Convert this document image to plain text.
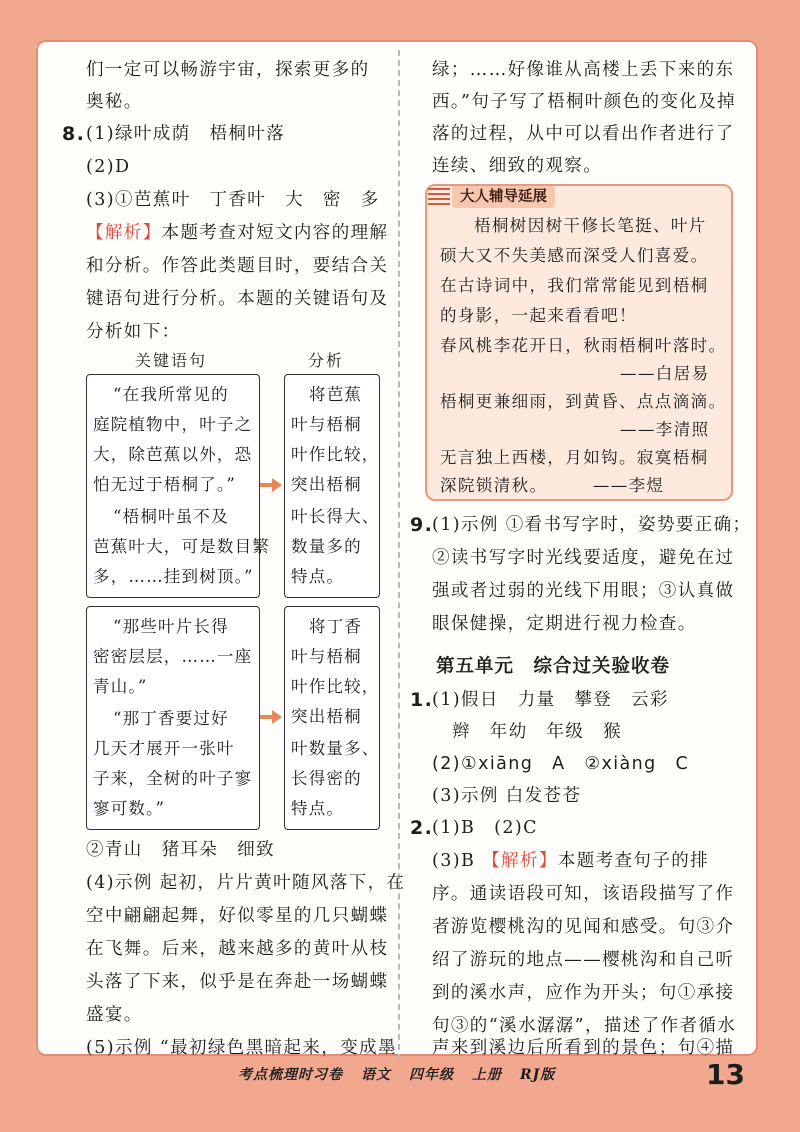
们一定可以畅游宇宙，探索更多的
奥秘。
8. (1)绿叶成荫　梧桐叶落
(2)D
(3)①芭蕉叶　丁香叶　大　密　多
【解析】本题考查对短文内容的理解
和分析。作答此类题目时，要结合关
键语句进行分析。本题的关键语句及
分析如下：
关键语句	分析
“在我所常见的
庭院植物中，叶子之
大，除芭蕉以外，恐
怕无过于梧桐了。”
“梧桐叶虽不及
芭蕉叶大，可是数目繁
多，……挂到树顶。”
将芭蕉
叶与梧桐
叶作比较，
突出梧桐
叶长得大、
数量多的
特点。
“那些叶片长得
密密层层，……一座
青山。”
“那丁香要过好
几天才展开一张叶
子来，全树的叶子寥
寥可数。”
将丁香
叶与梧桐
叶作比较，
突出梧桐
叶数量多、
长得密的
特点。
②青山　猪耳朵　细致
(4)示例 起初，片片黄叶随风落下，在
空中翩翩起舞，好似零星的几只蝴蝶
在飞舞。后来，越来越多的黄叶从枝
头落了下来，似乎是在奔赴一场蝴蝶
盛宴。
(5)示例 “最初绿色黑暗起来，变成墨
绿；……好像谁从高楼上丢下来的东
西。”句子写了梧桐叶颜色的变化及掉
落的过程，从中可以看出作者进行了
连续、细致的观察。
大人辅导延展
梧桐树因树干修长笔挺、叶片
硕大又不失美感而深受人们喜爱。
在古诗词中，我们常常能见到梧桐
的身影，一起来看看吧！
春风桃李花开日，秋雨梧桐叶落时。
——白居易
梧桐更兼细雨，到黄昏、点点滴滴。
——李清照
无言独上西楼，月如钩。寂寞梧桐
深院锁清秋。　　　——李煜
9.
(1)示例 ①看书写字时，姿势要正确；
②读书写字时光线要适度，避免在过
强或者过弱的光线下用眼；③认真做
眼保健操，定期进行视力检查。
第五单元　综合过关验收卷
1.
(1)假日　力量　攀登　云彩
辫　年幼　年级　猴
(2)①xiāng　A　②xiàng　C
(3)示例 白发苍苍
2.
(1)B　(2)C
(3)B 【解析】本题考查句子的排
序。通读语段可知，该语段描写了作
者游览樱桃沟的见闻和感受。句③介
绍了游玩的地点——樱桃沟和自己听
到的溪水声，应作为开头；句①承接
句③的“溪水潺潺”，描述了作者循水
考点梳理时习卷 语文 四年级 上册 RJ版	13
声来到溪边后所看到的景色；句④描
